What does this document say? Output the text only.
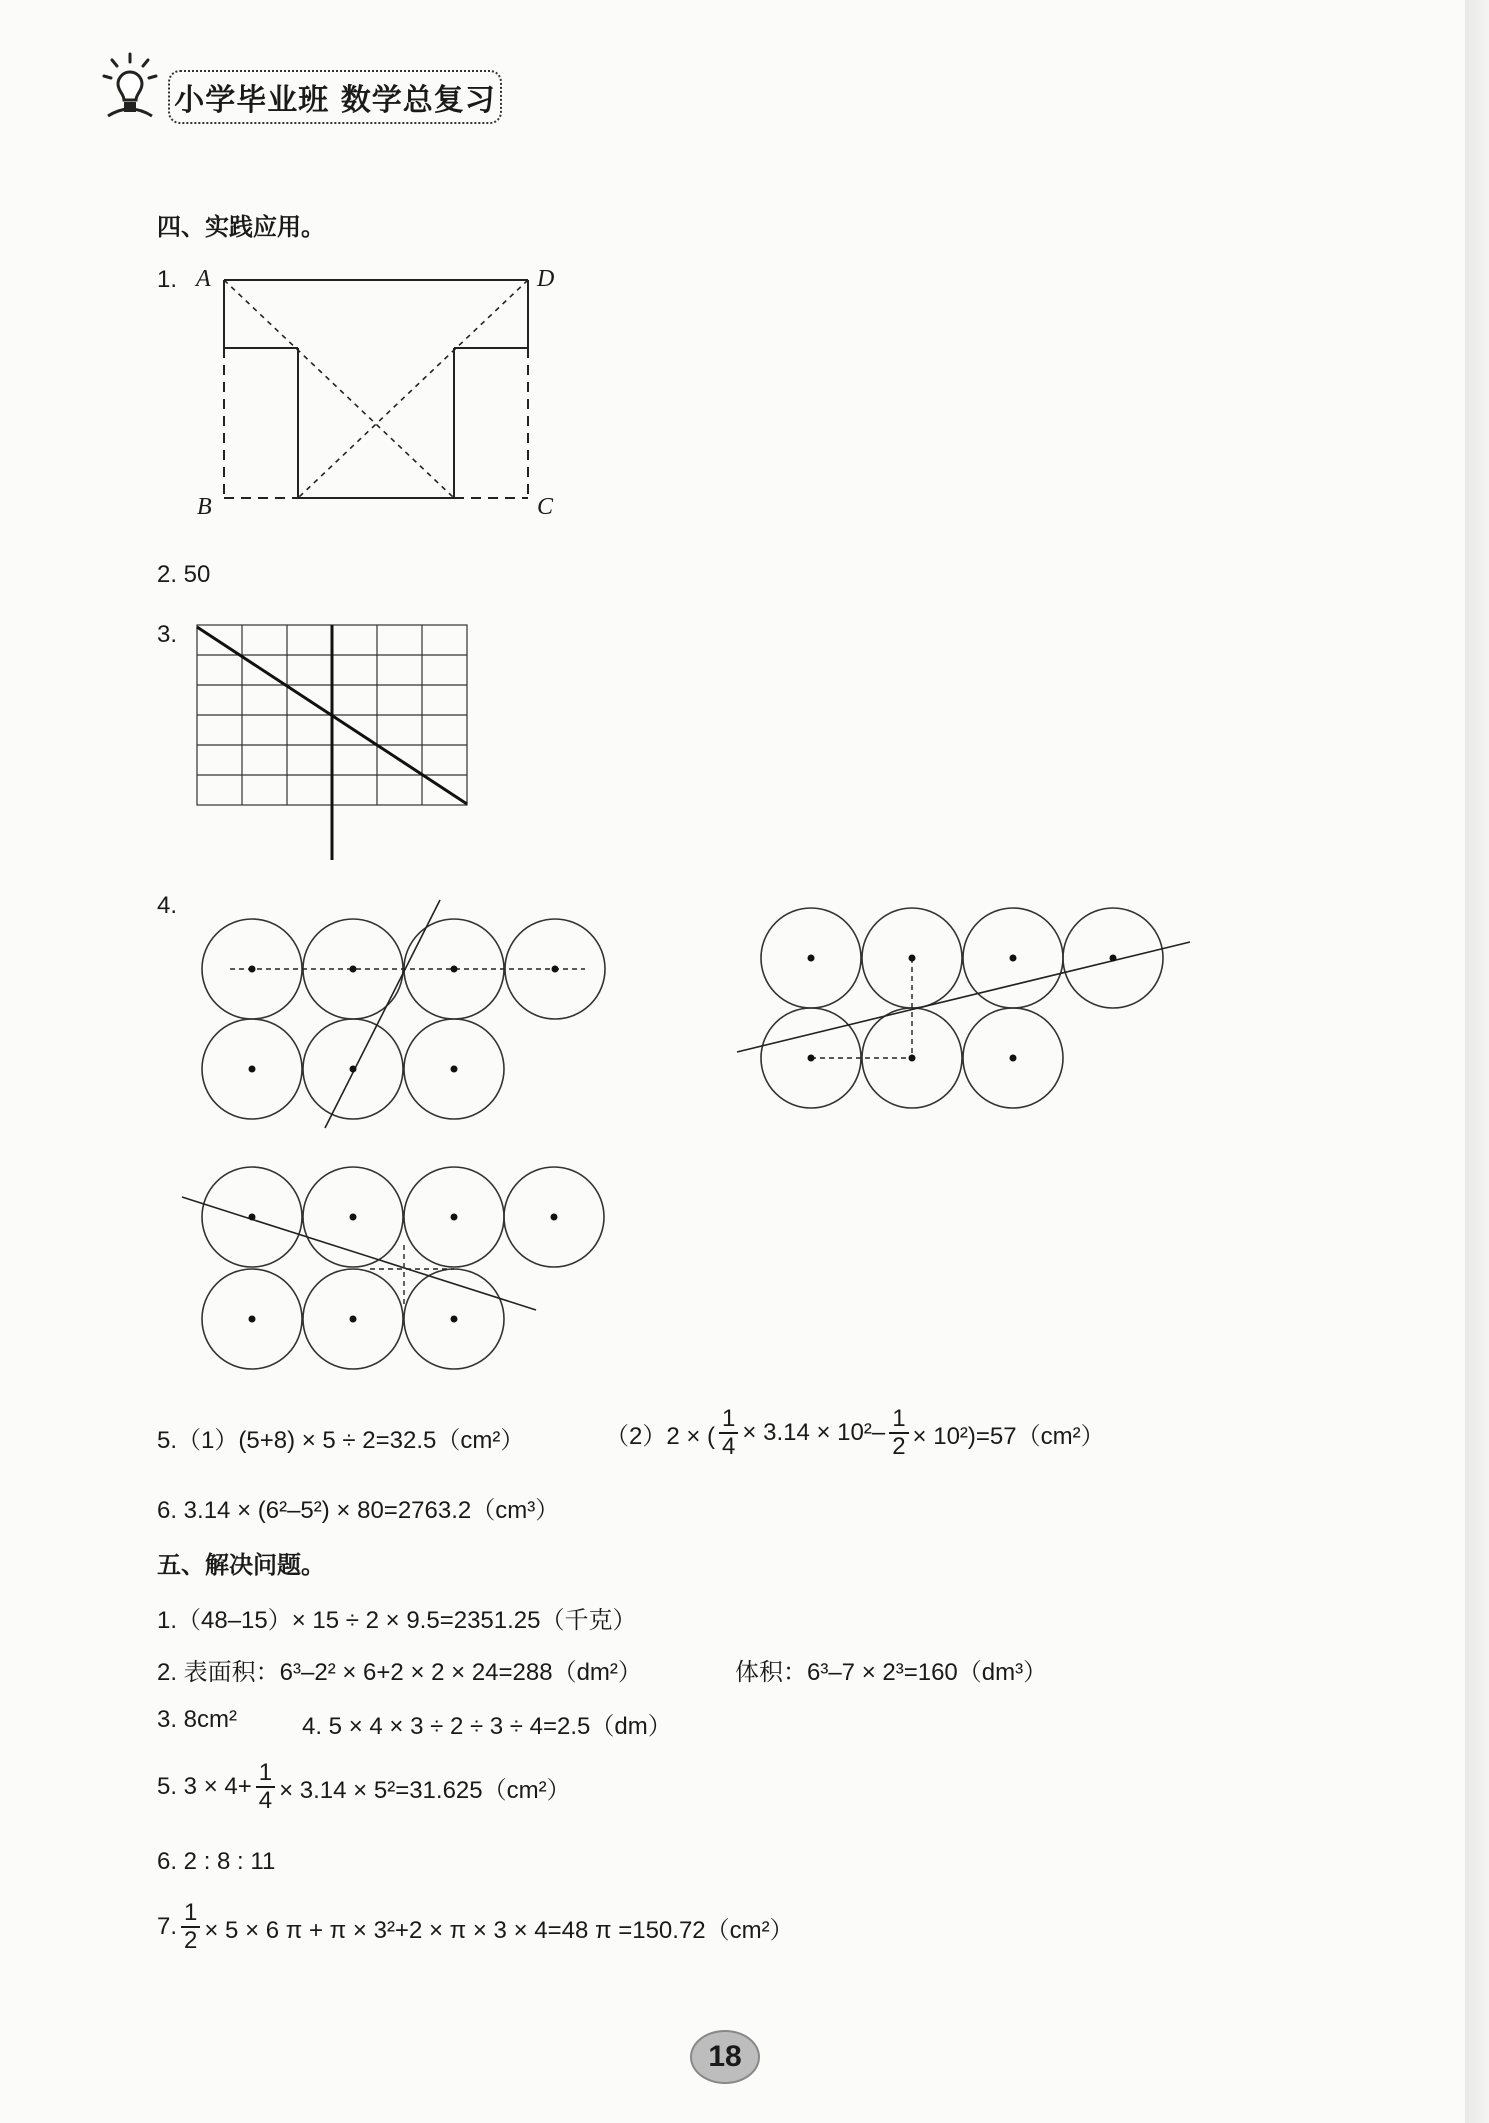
小学毕业班 数学总复习
四、实践应用。
1. A	D
B	C
2. 50
3.
4.
5.（1）(5+8) × 5 ÷ 2=32.5（cm²）	（2）2 × ( $\frac{1}{4} \times 3.14 \times 10^2- \frac{1}{2} \times 10^2)=57(cm^2)$
6. 3.14 × (6²–5²) × 80=2763.2（cm³）
五、解决问题。
1.（48–15）× 15 ÷ 2 × 9.5=2351.25（千克）
2. 表面积：6³–2² × 6+2 × 2 × 24=288（dm²）	体积：6³–7 × 2³=160（dm³）
3. 8cm²	4. 5 × 4 × 3 ÷ 2 ÷ 3 ÷ 4=2.5（dm）
5. $3 \times 4+ \frac{1}{4} \times 3.14 \times 5^2=31.625(cm^2)$
6. 2 : 8 : 11
7. $\frac{1}{2} \times 5 \times 6$ π + π × 3²+2 × π × 3 × 4=48 π =150.72（cm²）
18
